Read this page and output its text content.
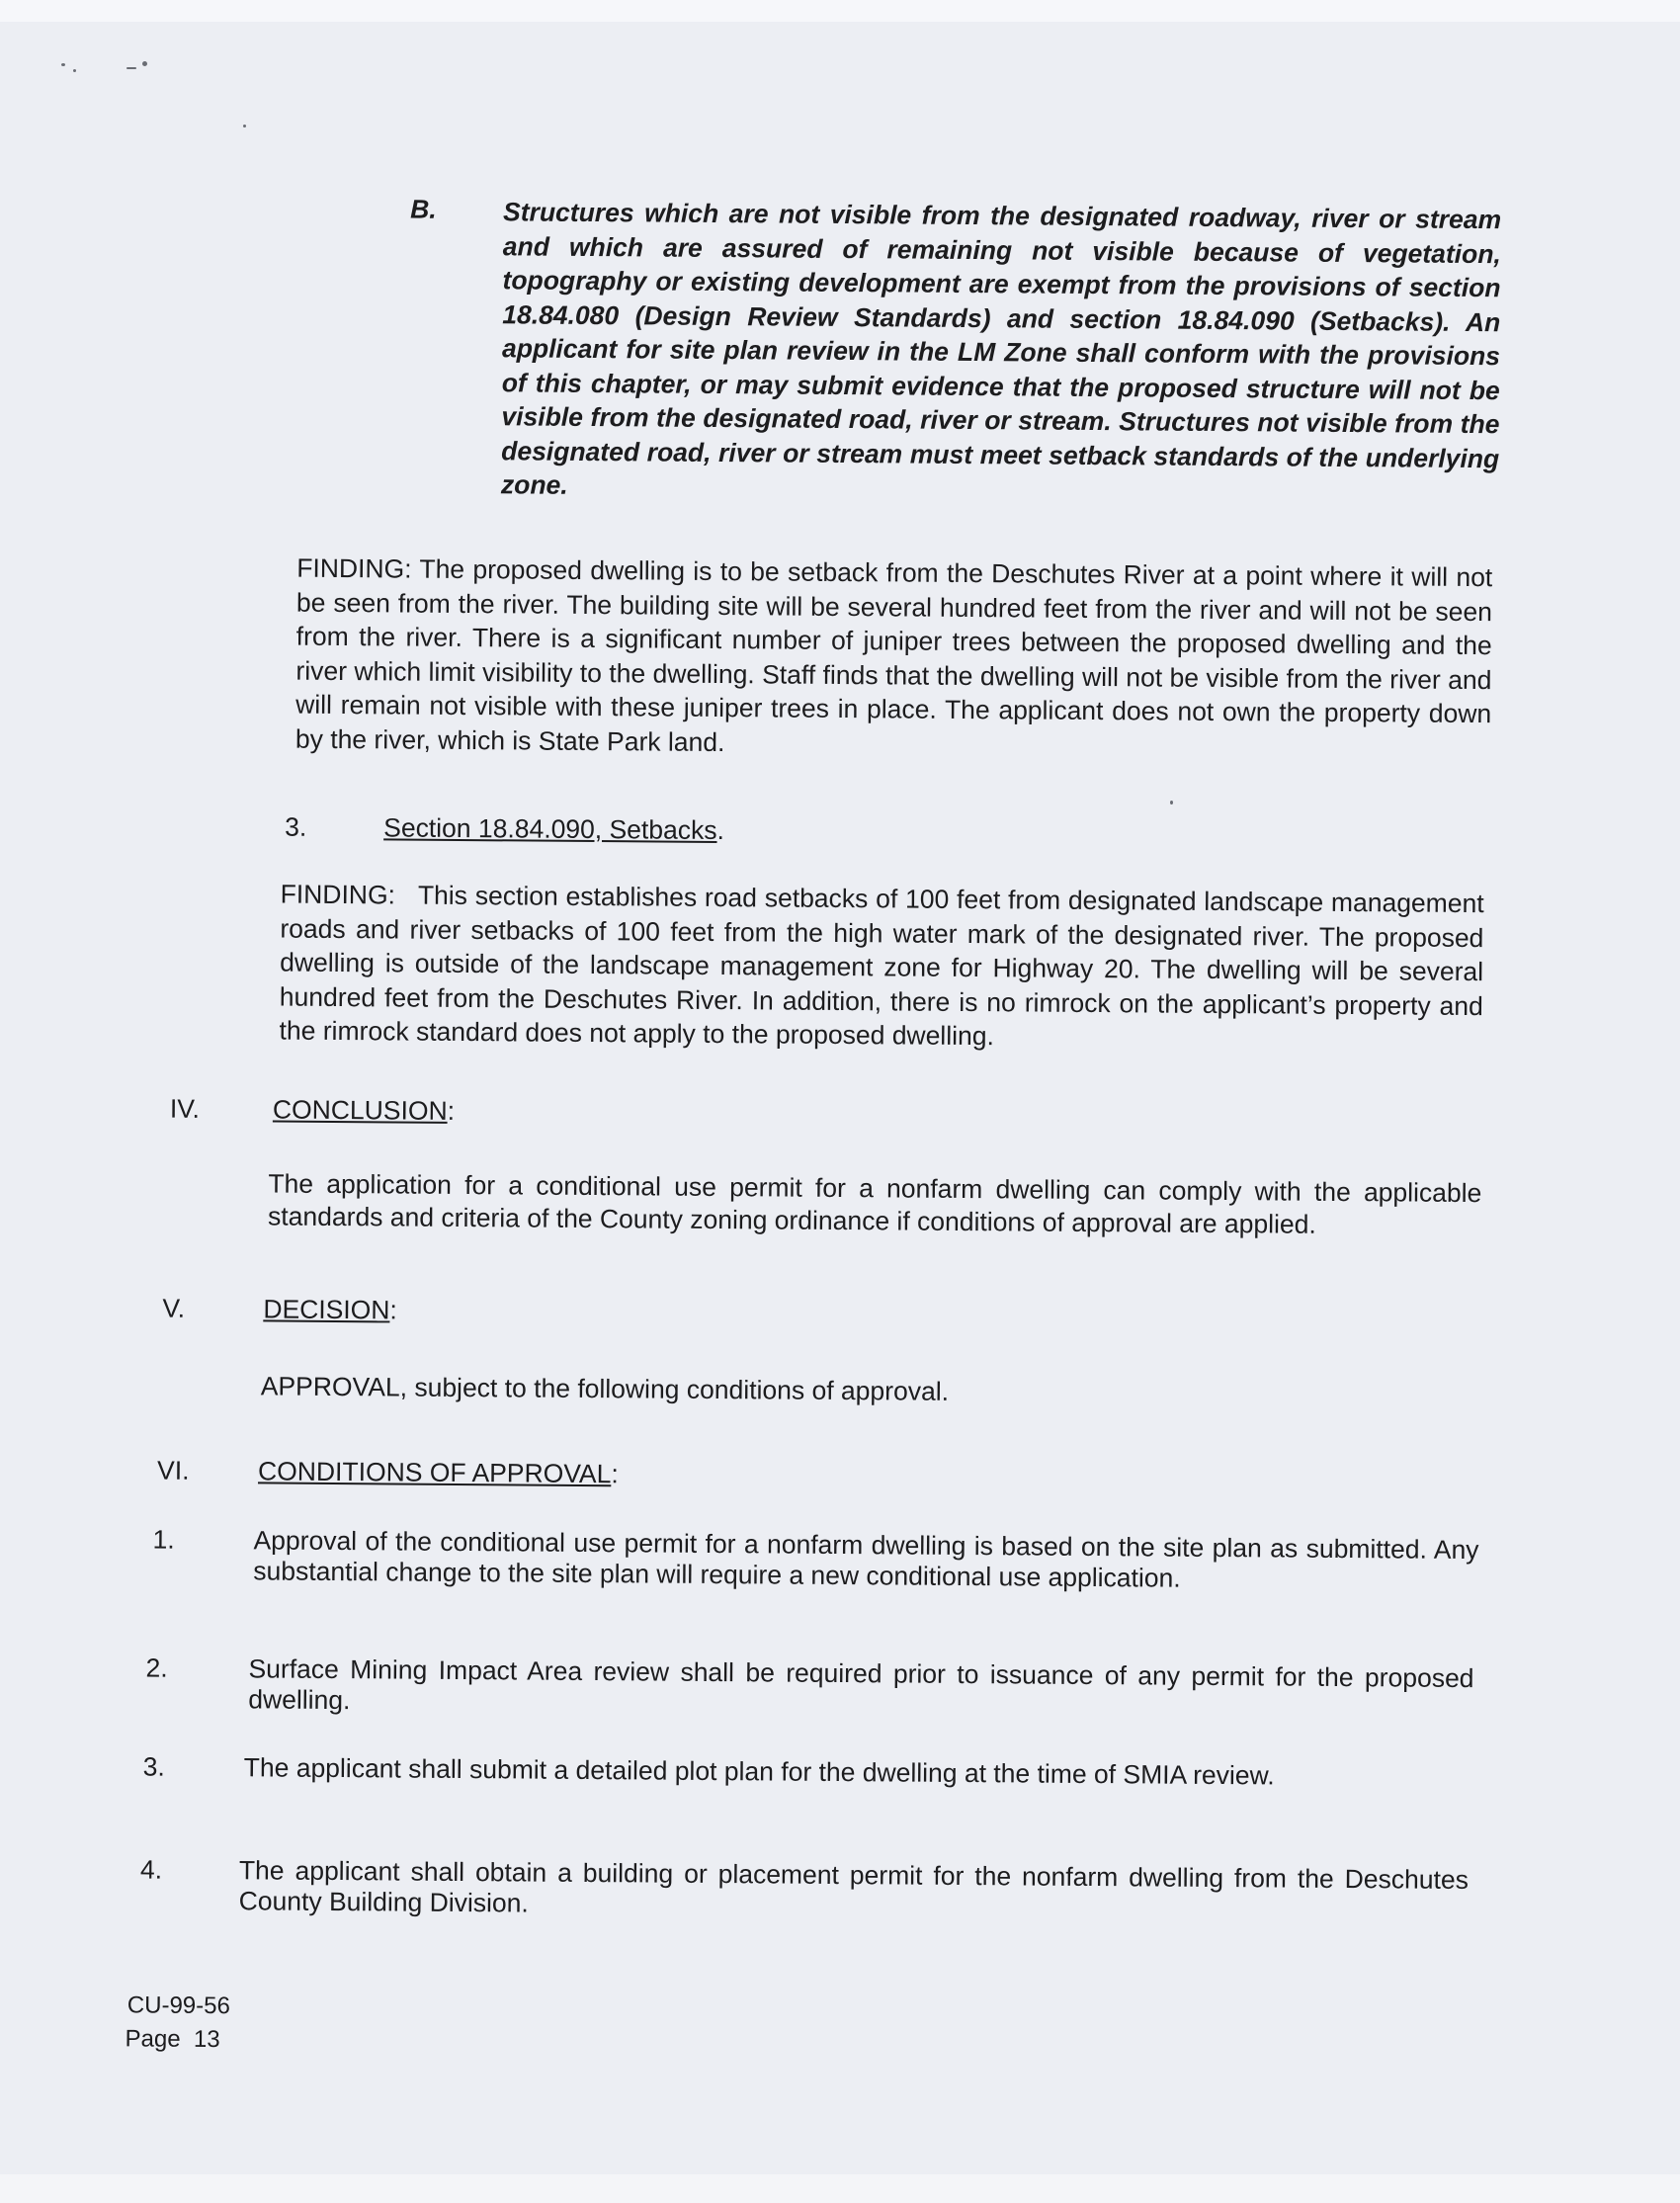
B.	Structures which are not visible from the designated roadway, river or stream and which are assured of remaining not visible because of vegetation, topography or existing development are exempt from the provisions of section 18.84.080 (Design Review Standards) and section 18.84.090 (Setbacks). An applicant for site plan review in the LM Zone shall conform with the provisions of this chapter, or may submit evidence that the proposed structure will not be visible from the designated road, river or stream. Structures not visible from the designated road, river or stream must meet setback standards of the underlying zone.

FINDING: The proposed dwelling is to be setback from the Deschutes River at a point where it will not be seen from the river. The building site will be several hundred feet from the river and will not be seen from the river. There is a significant number of juniper trees between the proposed dwelling and the river which limit visibility to the dwelling. Staff finds that the dwelling will not be visible from the river and will remain not visible with these juniper trees in place. The applicant does not own the property down by the river, which is State Park land.

3.	Section 18.84.090, Setbacks.

FINDING: This section establishes road setbacks of 100 feet from designated landscape management roads and river setbacks of 100 feet from the high water mark of the designated river. The proposed dwelling is outside of the landscape management zone for Highway 20. The dwelling will be several hundred feet from the Deschutes River. In addition, there is no rimrock on the applicant’s property and the rimrock standard does not apply to the proposed dwelling.

IV.	CONCLUSION:

The application for a conditional use permit for a nonfarm dwelling can comply with the applicable standards and criteria of the County zoning ordinance if conditions of approval are applied.

V.	DECISION:
APPROVAL, subject to the following conditions of approval.
VI.	CONDITIONS OF APPROVAL:
1.	Approval of the conditional use permit for a nonfarm dwelling is based on the site plan as submitted. Any substantial change to the site plan will require a new conditional use application.

2.	Surface Mining Impact Area review shall be required prior to issuance of any permit for the proposed dwelling.

3.	The applicant shall submit a detailed plot plan for the dwelling at the time of SMIA review.

4.	The applicant shall obtain a building or placement permit for the nonfarm dwelling from the Deschutes County Building Division.

CU-99-56
Page 13
